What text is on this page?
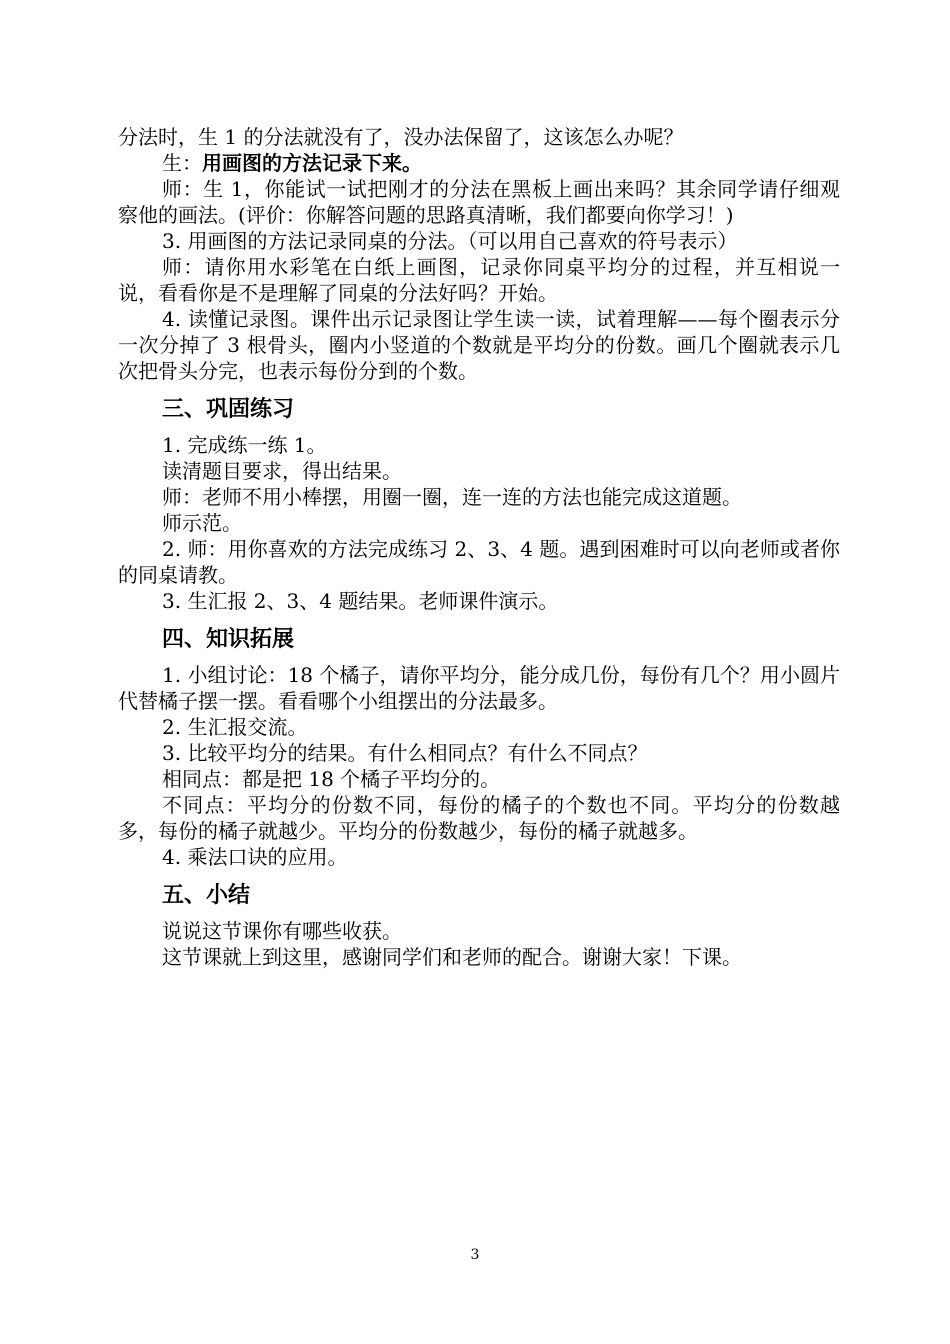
分法时，生 1 的分法就没有了，没办法保留了，这该怎么办呢？

生：用画图的方法记录下来。

师：生 1，你能试一试把刚才的分法在黑板上画出来吗？其余同学请仔细观察他的画法。(评价：你解答问题的思路真清晰，我们都要向你学习！)

3. 用画图的方法记录同桌的分法。（可以用自己喜欢的符号表示）

师：请你用水彩笔在白纸上画图，记录你同桌平均分的过程，并互相说一说，看看你是不是理解了同桌的分法好吗？开始。

4. 读懂记录图。课件出示记录图让学生读一读，试着理解——每个圈表示分一次分掉了 3 根骨头，圈内小竖道的个数就是平均分的份数。画几个圈就表示几次把骨头分完，也表示每份分到的个数。

三、巩固练习

1. 完成练一练 1。

读清题目要求，得出结果。

师：老师不用小棒摆，用圈一圈，连一连的方法也能完成这道题。

师示范。

2. 师：用你喜欢的方法完成练习 2、3、4 题。遇到困难时可以向老师或者你的同桌请教。

3. 生汇报 2、3、4 题结果。老师课件演示。

四、知识拓展

1. 小组讨论：18 个橘子，请你平均分，能分成几份，每份有几个？用小圆片代替橘子摆一摆。看看哪个小组摆出的分法最多。

2. 生汇报交流。

3. 比较平均分的结果。有什么相同点？有什么不同点？

相同点：都是把 18 个橘子平均分的。

不同点：平均分的份数不同，每份的橘子的个数也不同。平均分的份数越多，每份的橘子就越少。平均分的份数越少，每份的橘子就越多。

4. 乘法口诀的应用。

五、小结

说说这节课你有哪些收获。

这节课就上到这里，感谢同学们和老师的配合。谢谢大家！下课。

3
